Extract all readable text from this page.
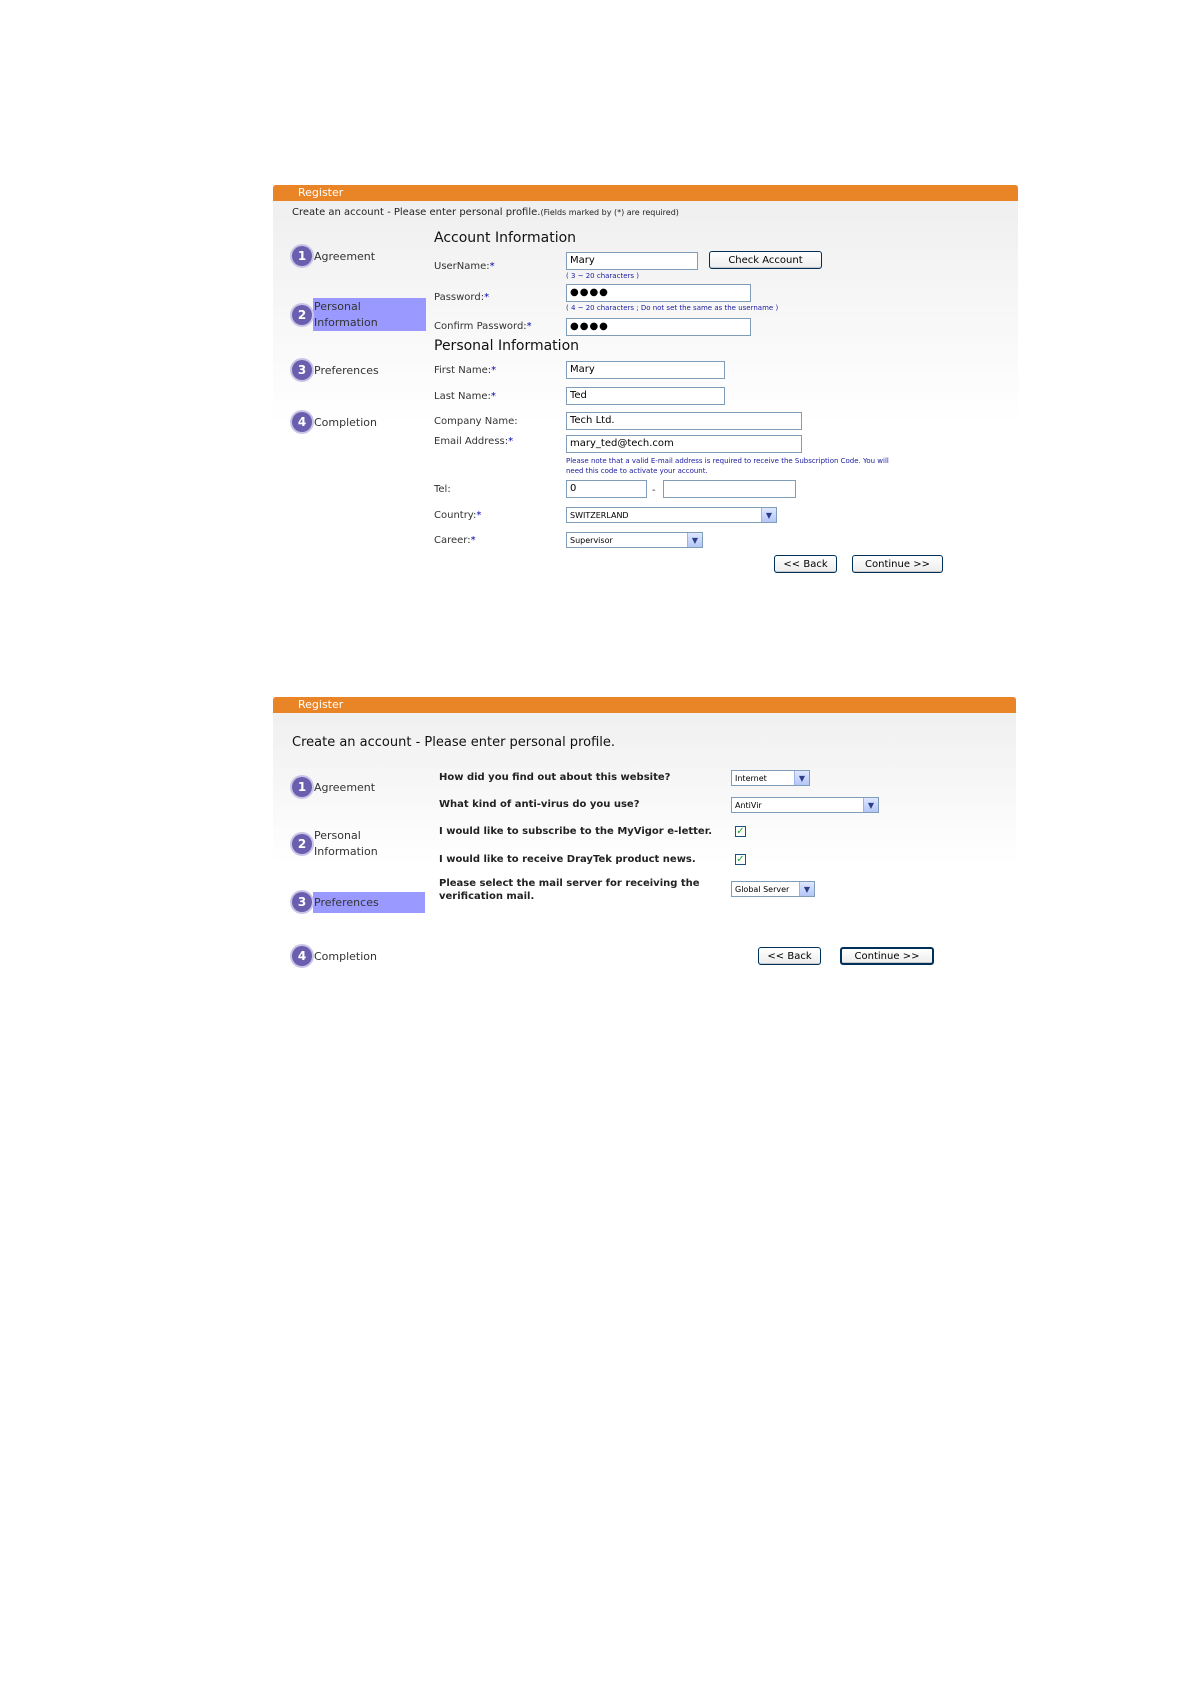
Register
Create an account - Please enter personal profile.(Fields marked by (*) are required)
1 Agreement
2
Personal Information
3 Preferences
4 Completion
Account Information
UserName:*
Mary	Check Account
( 3 ~ 20 characters )
Password:*	●●●●
( 4 ~ 20 characters ; Do not set the same as the username )
Confirm Password:*	●●●●
Personal Information
First Name:*	Mary
Last Name:*	Ted
Company Name:	Tech Ltd.
Email Address:*	mary_ted@tech.com
Please note that a valid E-mail address is required to receive the Subscription Code. You will
need this code to activate your account.
Tel:	0	-
Country:*	SWITZERLAND	▼
Career:*	Supervisor	▼
<< Back	Continue >>
Register
Create an account - Please enter personal profile.
1 Agreement
2
Personal Information
3 Preferences
4 Completion
How did you find out about this website?	Internet	▼
What kind of anti-virus do you use?	AntiVir	▼
I would like to subscribe to the MyVigor e-letter. ✓
I would like to receive DrayTek product news.	✓
Please select the mail server for receiving the
verification mail.
Global Server	▼
<< Back	Continue >>
